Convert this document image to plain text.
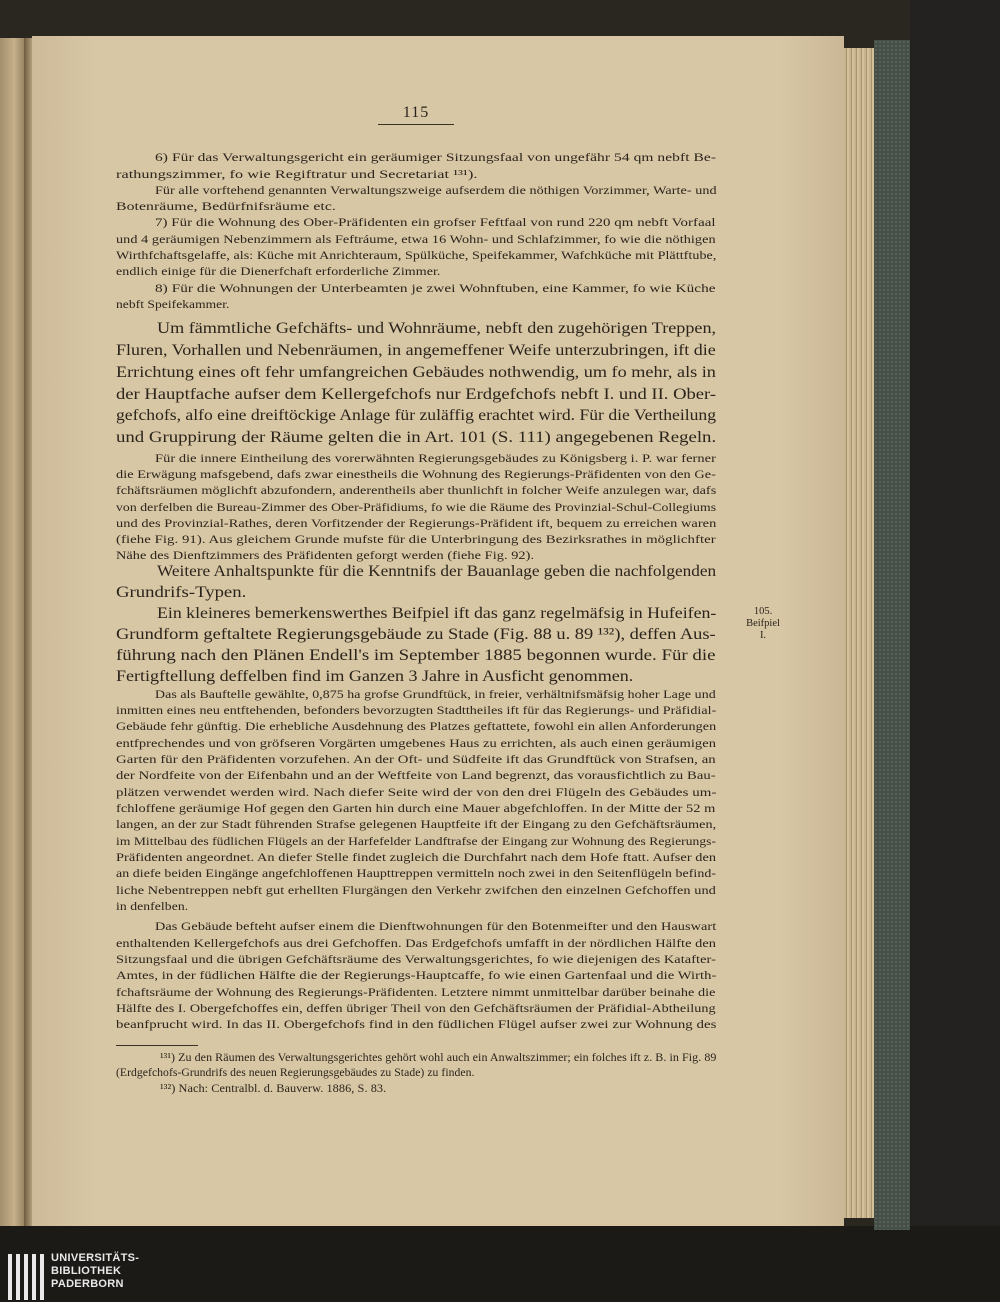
115
105.
Beifpiel
I.
6) Für das Verwaltungsgericht ein geräumiger Sitzungsfaal von ungefähr 54 qm nebft Be-
rathungszimmer, fo wie Regiftratur und Secretariat ¹³¹).
Für alle vorftehend genannten Verwaltungszweige aufserdem die nöthigen Vorzimmer, Warte- und
Botenräume, Bedürfnifsräume etc.
7) Für die Wohnung des Ober-Präfidenten ein grofser Feftfaal von rund 220 qm nebft Vorfaal
und 4 geräumigen Nebenzimmern als Feftráume, etwa 16 Wohn- und Schlafzimmer, fo wie die nöthigen
Wirthfchaftsgelaffe, als: Küche mit Anrichteraum, Spülküche, Speifekammer, Wafchküche mit Plättftube,
endlich einige für die Dienerfchaft erforderliche Zimmer.
8) Für die Wohnungen der Unterbeamten je zwei Wohnftuben, eine Kammer, fo wie Küche
nebft Speifekammer.
Um fämmtliche Gefchäfts- und Wohnräume, nebft den zugehörigen Treppen,
Fluren, Vorhallen und Nebenräumen, in angemeffener Weife unterzubringen, ift die
Errichtung eines oft fehr umfangreichen Gebäudes nothwendig, um fo mehr, als in
der Hauptfache aufser dem Kellergefchofs nur Erdgefchofs nebft I. und II. Ober-
gefchofs, alfo eine dreiftöckige Anlage für zuläffig erachtet wird. Für die Vertheilung
und Gruppirung der Räume gelten die in Art. 101 (S. 111) angegebenen Regeln.
Für die innere Eintheilung des vorerwähnten Regierungsgebäudes zu Königsberg i. P. war ferner
die Erwägung mafsgebend, dafs zwar einestheils die Wohnung des Regierungs-Präfidenten von den Ge-
fchäftsräumen möglichft abzufondern, anderentheils aber thunlichft in folcher Weife anzulegen war, dafs
von derfelben die Bureau-Zimmer des Ober-Präfidiums, fo wie die Räume des Provinzial-Schul-Collegiums
und des Provinzial-Rathes, deren Vorfitzender der Regierungs-Präfident ift, bequem zu erreichen waren
(fiehe Fig. 91). Aus gleichem Grunde mufste für die Unterbringung des Bezirksrathes in möglichfter
Nähe des Dienftzimmers des Präfidenten geforgt werden (fiehe Fig. 92).
Weitere Anhaltspunkte für die Kenntnifs der Bauanlage geben die nachfolgenden
Grundrifs-Typen.
Ein kleineres bemerkenswerthes Beifpiel ift das ganz regelmäfsig in Hufeifen-
Grundform geftaltete Regierungsgebäude zu Stade (Fig. 88 u. 89 ¹³²), deffen Aus-
führung nach den Plänen Endell's im September 1885 begonnen wurde. Für die
Fertigftellung deffelben find im Ganzen 3 Jahre in Ausficht genommen.
Das als Bauftelle gewählte, 0,875 ha grofse Grundftück, in freier, verhältnifsmäfsig hoher Lage und
inmitten eines neu entftehenden, befonders bevorzugten Stadttheiles ift für das Regierungs- und Präfidial-
Gebäude fehr günftig. Die erhebliche Ausdehnung des Platzes geftattete, fowohl ein allen Anforderungen
entfprechendes und von gröfseren Vorgärten umgebenes Haus zu errichten, als auch einen geräumigen
Garten für den Präfidenten vorzufehen. An der Oft- und Südfeite ift das Grundftück von Strafsen, an
der Nordfeite von der Eifenbahn und an der Weftfeite von Land begrenzt, das vorausfichtlich zu Bau-
plätzen verwendet werden wird. Nach diefer Seite wird der von den drei Flügeln des Gebäudes um-
fchloffene geräumige Hof gegen den Garten hin durch eine Mauer abgefchloffen. In der Mitte der 52 m
langen, an der zur Stadt führenden Strafse gelegenen Hauptfeite ift der Eingang zu den Gefchäftsräumen,
im Mittelbau des füdlichen Flügels an der Harfefelder Landftrafse der Eingang zur Wohnung des Regierungs-
Präfidenten angeordnet. An diefer Stelle findet zugleich die Durchfahrt nach dem Hofe ftatt. Aufser den
an diefe beiden Eingänge angefchloffenen Haupttreppen vermitteln noch zwei in den Seitenflügeln befind-
liche Nebentreppen nebft gut erhellten Flurgängen den Verkehr zwifchen den einzelnen Gefchoffen und
in denfelben.
Das Gebäude befteht aufser einem die Dienftwohnungen für den Botenmeifter und den Hauswart
enthaltenden Kellergefchofs aus drei Gefchoffen. Das Erdgefchofs umfafft in der nördlichen Hälfte den
Sitzungsfaal und die übrigen Gefchäftsräume des Verwaltungsgerichtes, fo wie diejenigen des Katafter-
Amtes, in der füdlichen Hälfte die der Regierungs-Hauptcaffe, fo wie einen Gartenfaal und die Wirth-
fchaftsräume der Wohnung des Regierungs-Präfidenten. Letztere nimmt unmittelbar darüber beinahe die
Hälfte des I. Obergefchoffes ein, deffen übriger Theil von den Gefchäftsräumen der Präfidial-Abtheilung
beanfprucht wird. In das II. Obergefchofs find in den füdlichen Flügel aufser zwei zur Wohnung des
¹³¹) Zu den Räumen des Verwaltungsgerichtes gehört wohl auch ein Anwaltszimmer; ein folches ift z. B. in Fig. 89
(Erdgefchofs-Grundrifs des neuen Regierungsgebäudes zu Stade) zu finden.
¹³²) Nach: Centralbl. d. Bauverw. 1886, S. 83.
UNIVERSITÄTS-
BIBLIOTHEK
PADERBORN
